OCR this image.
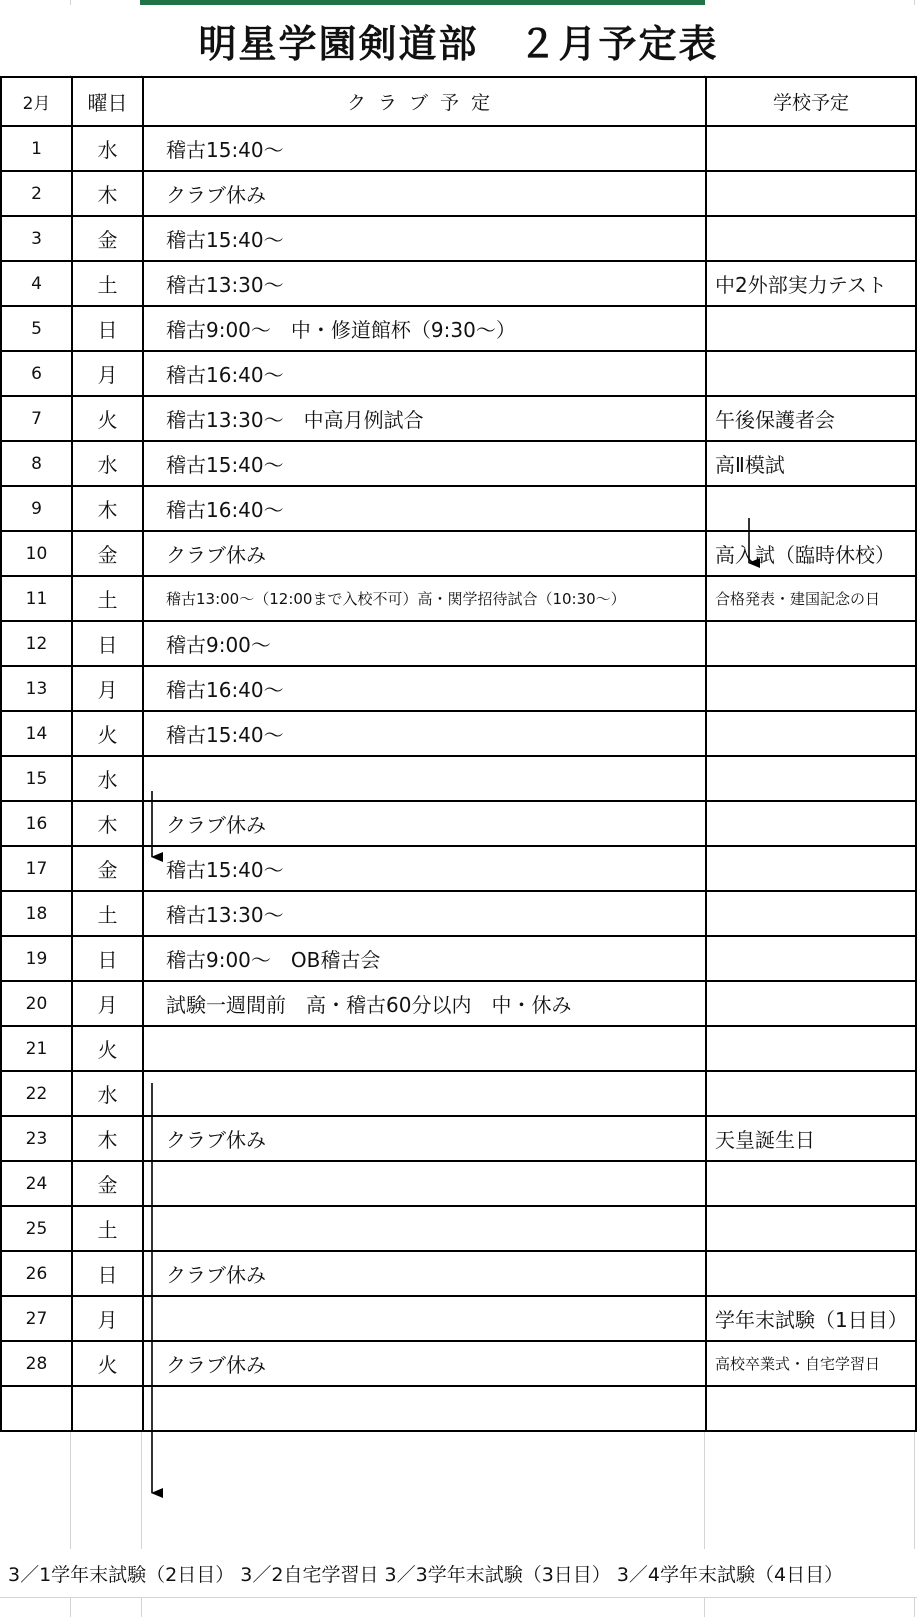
明星学園剣道部　２月予定表
2月	曜日	クラブ予定	学校予定
1	水	稽古15:40～	
2	木	クラブ休み	
3	金	稽古15:40～	
4	土	稽古13:30～	中2外部実力テスト
5	日	稽古9:00～　中・修道館杯（9:30～）	
6	月	稽古16:40～	
7	火	稽古13:30～　中高月例試合	午後保護者会
8	水	稽古15:40～	高Ⅱ模試
9	木	稽古16:40～	
10	金	クラブ休み	高入試（臨時休校）
11	土	稽古13:00～（12:00まで入校不可）高・関学招待試合（10:30～）	合格発表・建国記念の日
12	日	稽古9:00～	
13	月	稽古16:40～	
14	火	稽古15:40～	
15	水		
16	木	クラブ休み	
17	金	稽古15:40～	
18	土	稽古13:30～	
19	日	稽古9:00～　OB稽古会	
20	月	試験一週間前　高・稽古60分以内　中・休み	
21	火		
22	水		
23	木	クラブ休み	天皇誕生日
24	金		
25	土		
26	日	クラブ休み	
27	月		学年末試験（1日目）
28	火	クラブ休み	高校卒業式・自宅学習日

3／1学年末試験（2日目） 3／2自宅学習日 3／3学年末試験（3日目） 3／4学年末試験（4日目）
